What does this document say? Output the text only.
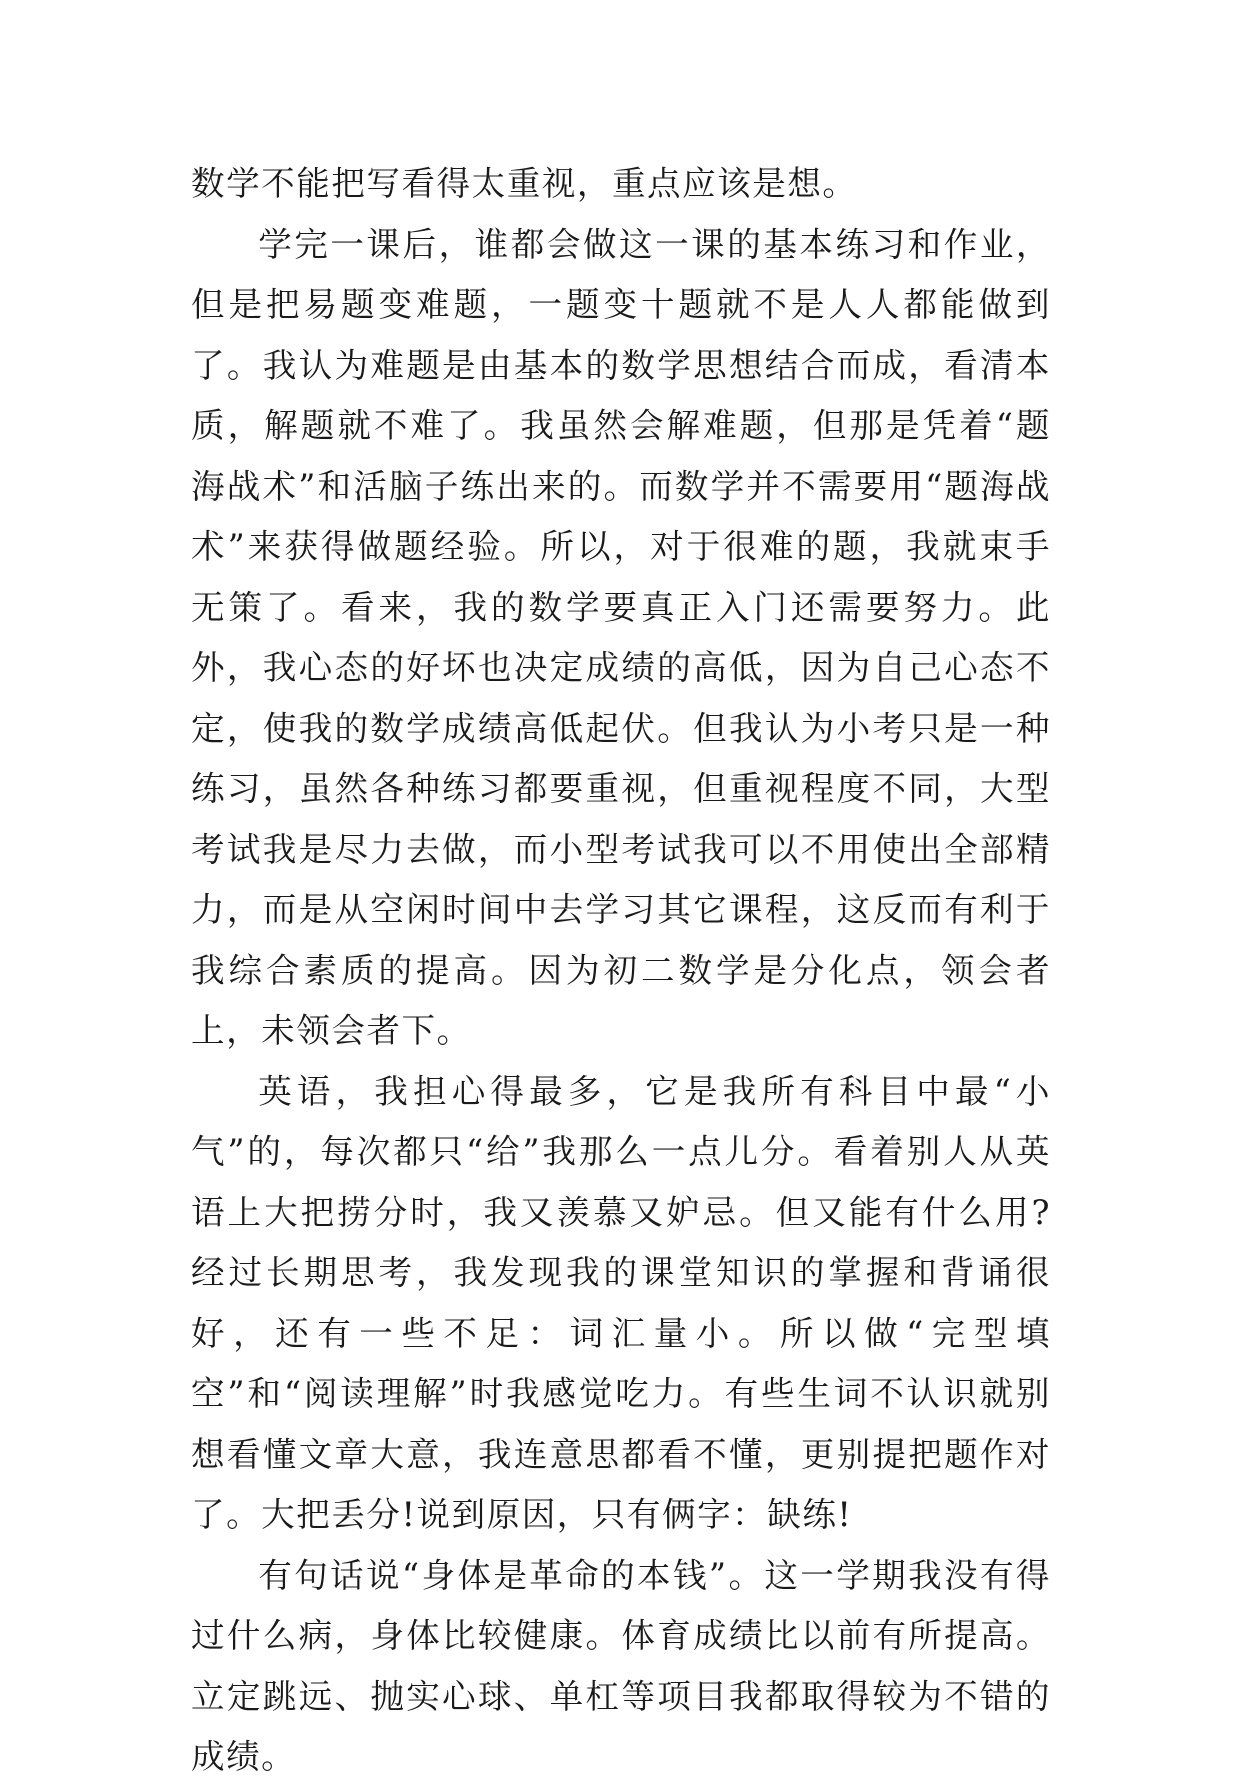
数学不能把写看得太重视，重点应该是想。

学完一课后，谁都会做这一课的基本练习和作业，但是把易题变难题，一题变十题就不是人人都能做到了。我认为难题是由基本的数学思想结合而成，看清本质，解题就不难了。我虽然会解难题，但那是凭着“题海战术”和活脑子练出来的。而数学并不需要用“题海战术”来获得做题经验。所以，对于很难的题，我就束手无策了。看来，我的数学要真正入门还需要努力。此外，我心态的好坏也决定成绩的高低，因为自己心态不定，使我的数学成绩高低起伏。但我认为小考只是一种练习，虽然各种练习都要重视，但重视程度不同，大型考试我是尽力去做，而小型考试我可以不用使出全部精力，而是从空闲时间中去学习其它课程，这反而有利于我综合素质的提高。因为初二数学是分化点，领会者上，未领会者下。

英语，我担心得最多，它是我所有科目中最“小气”的，每次都只“给”我那么一点儿分。看着别人从英语上大把捞分时，我又羡慕又妒忌。但又能有什么用?经过长期思考，我发现我的课堂知识的掌握和背诵很好，还有一些不足：词汇量小。所以做“完型填空”和“阅读理解”时我感觉吃力。有些生词不认识就别想看懂文章大意，我连意思都看不懂，更别提把题作对了。大把丢分!说到原因，只有俩字：缺练!

有句话说“身体是革命的本钱”。这一学期我没有得过什么病，身体比较健康。体育成绩比以前有所提高。立定跳远、抛实心球、单杠等项目我都取得较为不错的成绩。
